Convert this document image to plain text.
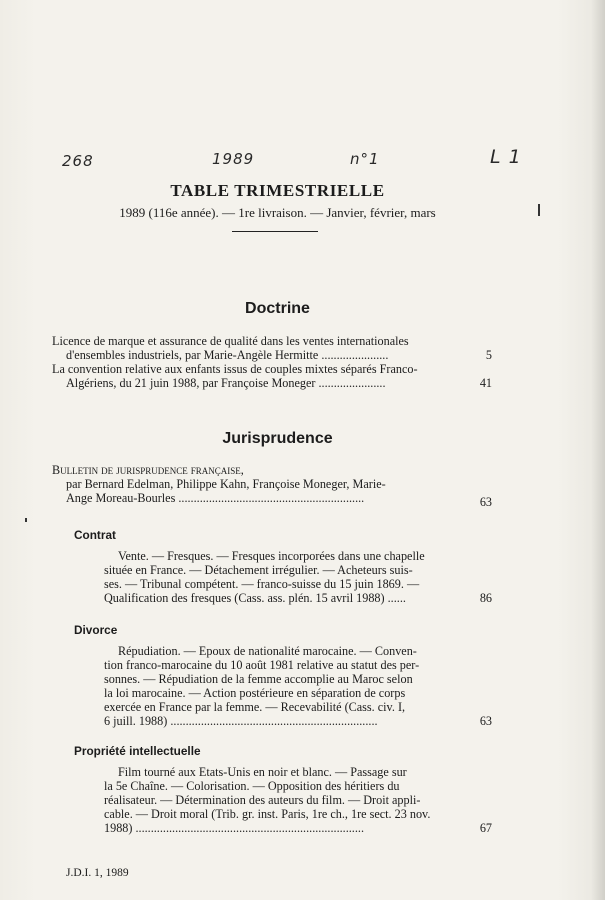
268	1989	n°1	L 1
TABLE TRIMESTRIELLE
1989 (116e année). — 1re livraison. — Janvier, février, mars
Doctrine
Licence de marque et assurance de qualité dans les ventes internationales
d'ensembles industriels, par Marie-Angèle Hermitte ......................	5
La convention relative aux enfants issus de couples mixtes séparés Franco-
Algériens, du 21 juin 1988, par Françoise Moneger ......................	41
Jurisprudence
Bulletin de jurisprudence française,
par Bernard Edelman, Philippe Kahn, Françoise Moneger, Marie-
Ange Moreau-Bourles .............................................................	63
Contrat
Vente. — Fresques. — Fresques incorporées dans une chapelle
située en France. — Détachement irrégulier. — Acheteurs suis-
ses. — Tribunal compétent. — franco-suisse du 15 juin 1869. —
Qualification des fresques (Cass. ass. plén. 15 avril 1988) ......	86
Divorce
Répudiation. — Epoux de nationalité marocaine. — Conven-
tion franco-marocaine du 10 août 1981 relative au statut des per-
sonnes. — Répudiation de la femme accomplie au Maroc selon
la loi marocaine. — Action postérieure en séparation de corps
exercée en France par la femme. — Recevabilité (Cass. civ. I,
6 juill. 1988) ....................................................................	63
Propriété intellectuelle
Film tourné aux Etats-Unis en noir et blanc. — Passage sur
la 5e Chaîne. — Colorisation. — Opposition des héritiers du
réalisateur. — Détermination des auteurs du film. — Droit appli-
cable. — Droit moral (Trib. gr. inst. Paris, 1re ch., 1re sect. 23 nov.
1988) ...........................................................................	67
J.D.I. 1, 1989
